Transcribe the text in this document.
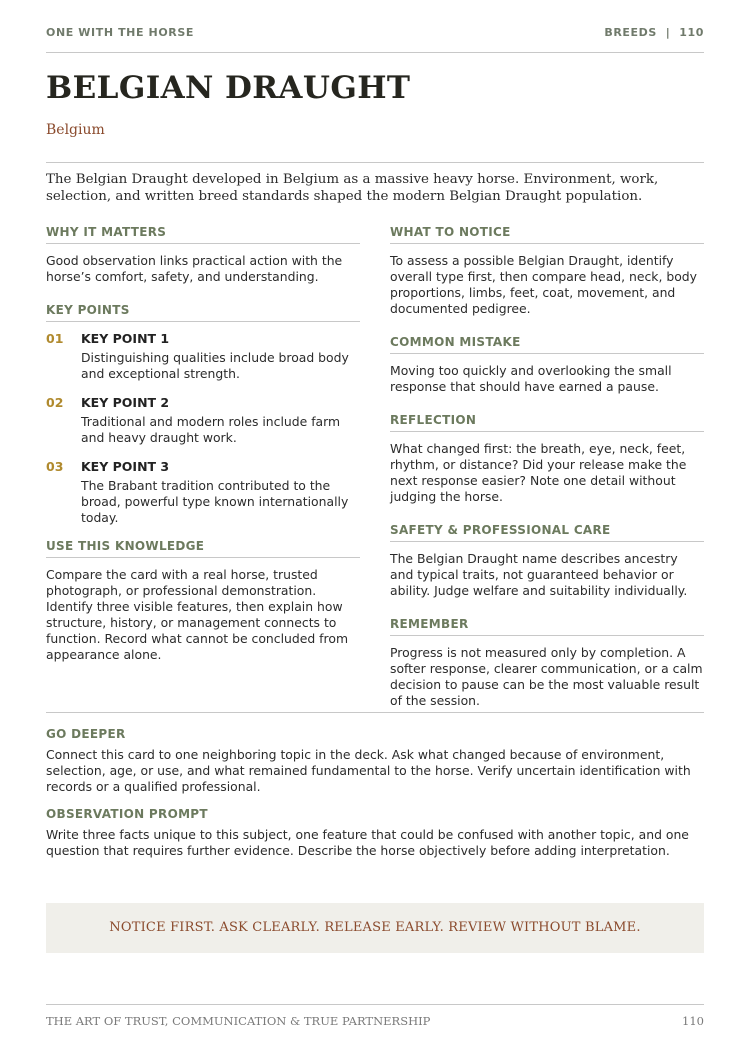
ONE WITH THE HORSE	BREEDS  |  110
BELGIAN DRAUGHT
Belgium

The Belgian Draught developed in Belgium as a massive heavy horse. Environment, work, selection, and written breed standards shaped the modern Belgian Draught population.

WHY IT MATTERS
Good observation links practical action with the horse’s comfort, safety, and understanding.
KEY POINTS
01 KEY POINT 1
Distinguishing qualities include broad body and exceptional strength.
02 KEY POINT 2
Traditional and modern roles include farm and heavy draught work.
03 KEY POINT 3
The Brabant tradition contributed to the broad, powerful type known internationally today.
USE THIS KNOWLEDGE
Compare the card with a real horse, trusted photograph, or professional demonstration. Identify three visible features, then explain how structure, history, or management connects to function. Record what cannot be concluded from appearance alone.
WHAT TO NOTICE
To assess a possible Belgian Draught, identify overall type first, then compare head, neck, body proportions, limbs, feet, coat, movement, and documented pedigree.
COMMON MISTAKE
Moving too quickly and overlooking the small response that should have earned a pause.
REFLECTION
What changed first: the breath, eye, neck, feet, rhythm, or distance? Did your release make the next response easier? Note one detail without judging the horse.
SAFETY & PROFESSIONAL CARE
The Belgian Draught name describes ancestry and typical traits, not guaranteed behavior or ability. Judge welfare and suitability individually.
REMEMBER
Progress is not measured only by completion. A softer response, clearer communication, or a calm decision to pause can be the most valuable result of the session.
GO DEEPER
Connect this card to one neighboring topic in the deck. Ask what changed because of environment, selection, age, or use, and what remained fundamental to the horse. Verify uncertain identification with records or a qualified professional.
OBSERVATION PROMPT
Write three facts unique to this subject, one feature that could be confused with another topic, and one question that requires further evidence. Describe the horse objectively before adding interpretation.
NOTICE FIRST. ASK CLEARLY. RELEASE EARLY. REVIEW WITHOUT BLAME.
THE ART OF TRUST, COMMUNICATION & TRUE PARTNERSHIP	110
